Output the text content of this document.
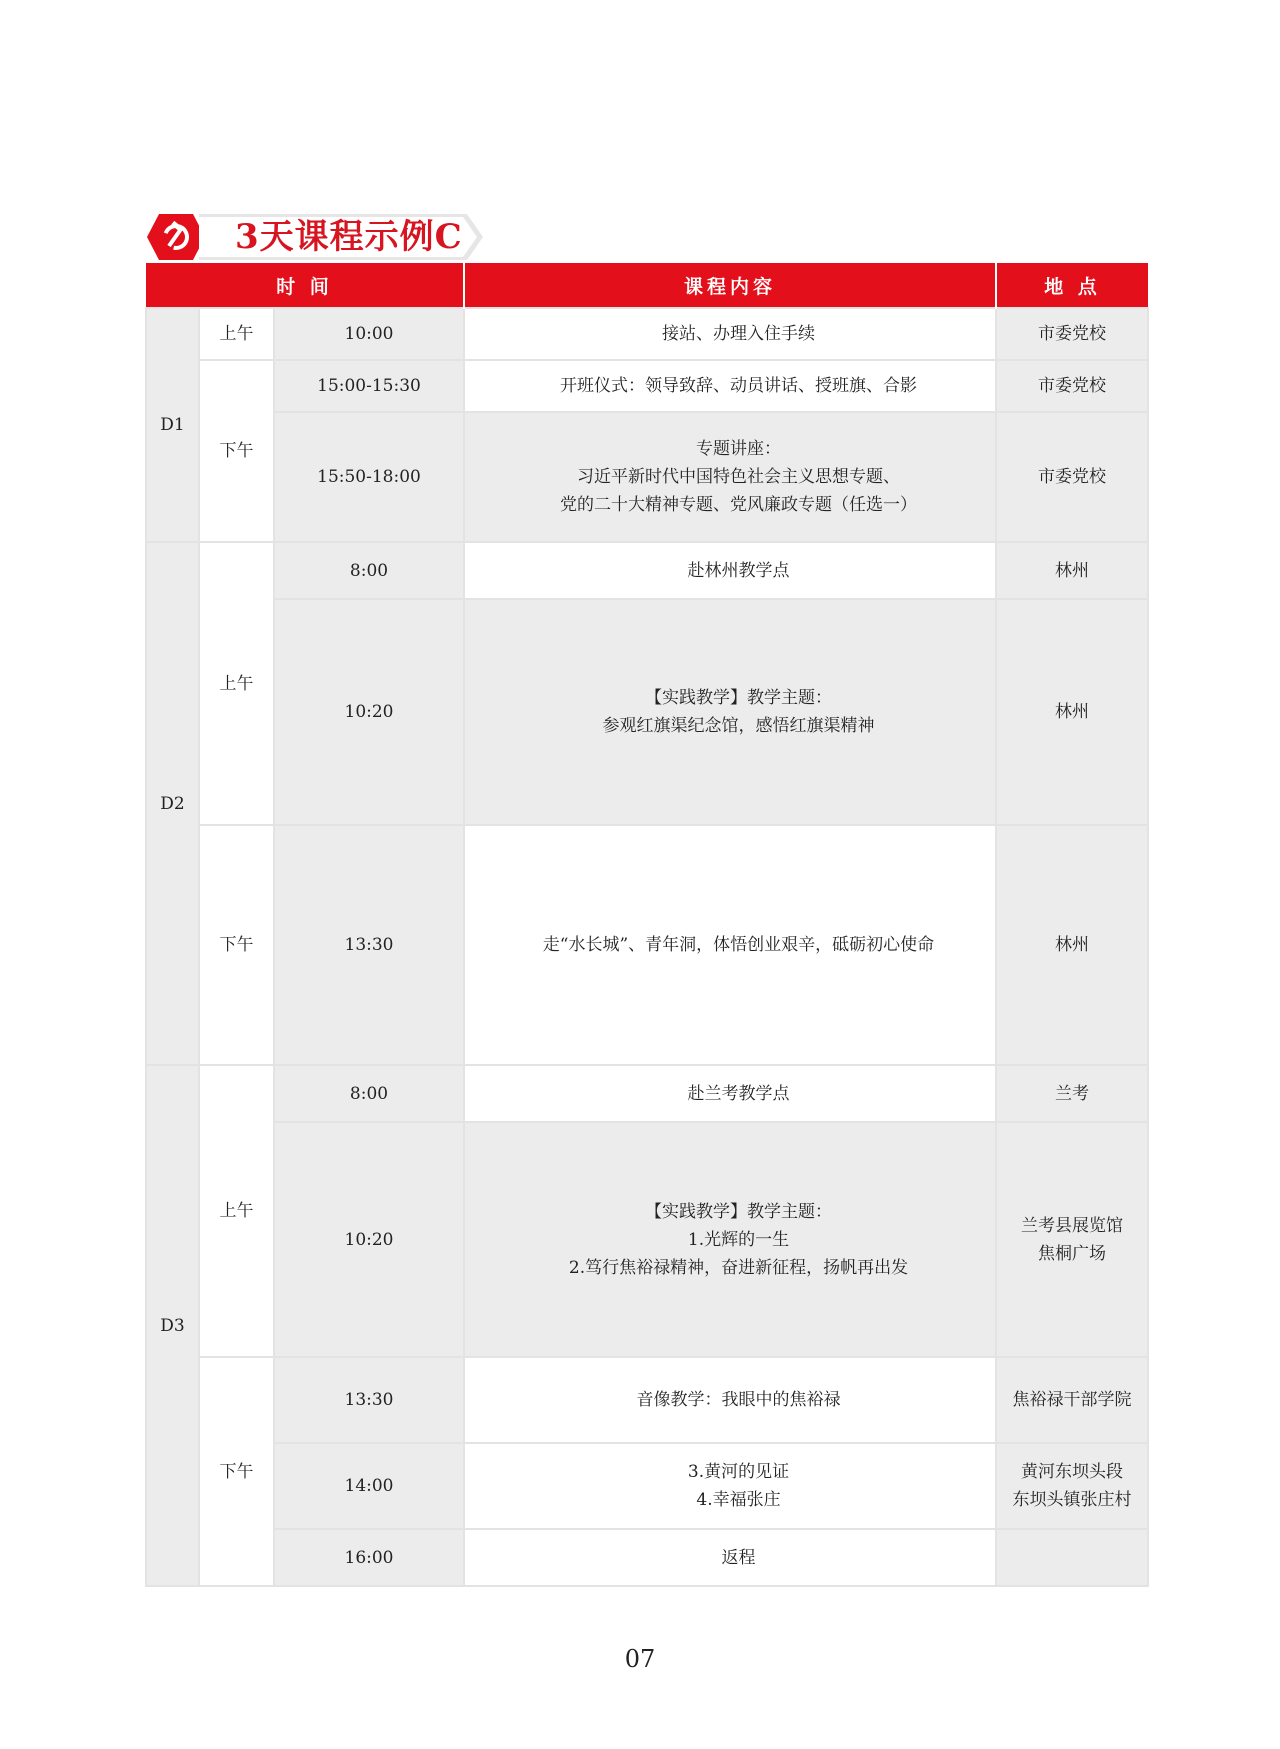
3天课程示例C
时 间			课程内容	地 点
D1	上午	10:00	接站、办理入住手续	市委党校

	下午	15:00-15:30	开班仪式：领导致辞、动员讲话、授班旗、合影	市委党校

		15:50-18:00	专题讲座：
习近平新时代中国特色社会主义思想专题、
党的二十大精神专题、党风廉政专题（任选一）	市委党校

D2	上午	8:00	赴林州教学点	林州

		10:20	【实践教学】教学主题：
参观红旗渠纪念馆，感悟红旗渠精神	林州

	下午	13:30	走“水长城”、青年洞，体悟创业艰辛，砥砺初心使命	林州

D3	上午	8:00	赴兰考教学点	兰考

		10:20	【实践教学】教学主题：
1.光辉的一生
2.笃行焦裕禄精神，奋进新征程，扬帆再出发	兰考县展览馆
焦桐广场

	下午	13:30	音像教学：我眼中的焦裕禄	焦裕禄干部学院

		14:00	3.黄河的见证
4.幸福张庄	黄河东坝头段
东坝头镇张庄村

		16:00	返程	

07
